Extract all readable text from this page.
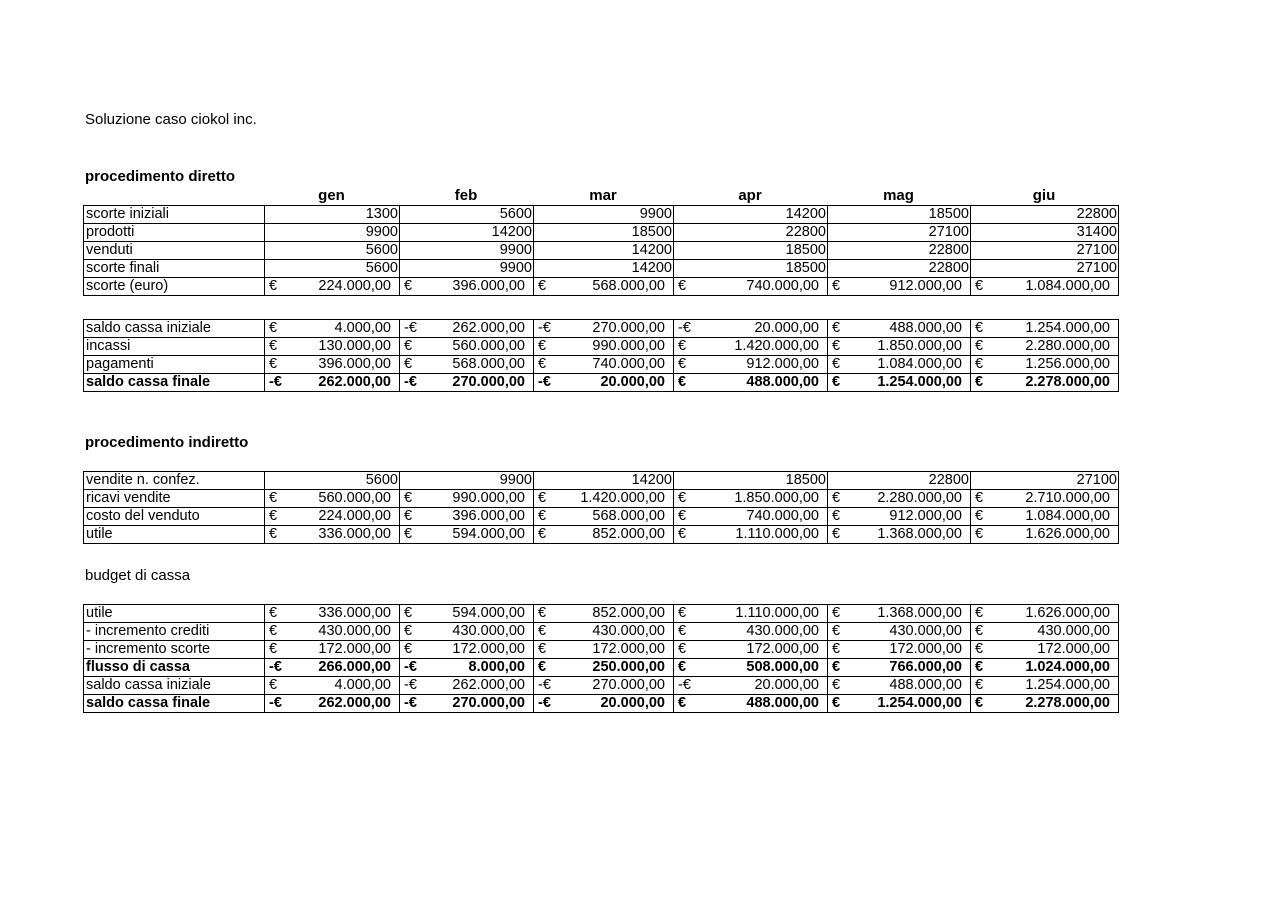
Soluzione caso ciokol inc.
procedimento diretto
gen	feb	mar	apr	mag	giu
scorte iniziali	1300	5600	9900	14200	18500	22800
prodotti	9900	14200	18500	22800	27100	31400
venduti	5600	9900	14200	18500	22800	27100
scorte finali	5600	9900	14200	18500	22800	27100
scorte (euro)	€ 224.000,00	€ 396.000,00	€ 568.000,00	€ 740.000,00	€ 912.000,00	€ 1.084.000,00
saldo cassa iniziale	€ 4.000,00	-€ 262.000,00	-€ 270.000,00	-€ 20.000,00	€ 488.000,00	€ 1.254.000,00

incassi	€ 130.000,00	€ 560.000,00	€ 990.000,00	€ 1.420.000,00	€ 1.850.000,00	€ 2.280.000,00

pagamenti	€ 396.000,00	€ 568.000,00	€ 740.000,00	€ 912.000,00	€ 1.084.000,00	€ 1.256.000,00

saldo cassa finale	-€ 262.000,00	-€ 270.000,00	-€ 20.000,00	€ 488.000,00	€ 1.254.000,00	€ 2.278.000,00
procedimento indiretto
vendite n. confez.	5600	9900	14200	18500	22800	27100
ricavi vendite	€ 560.000,00	€ 990.000,00	€ 1.420.000,00	€ 1.850.000,00	€ 2.280.000,00	€ 2.710.000,00

costo del venduto	€ 224.000,00	€ 396.000,00	€ 568.000,00	€ 740.000,00	€ 912.000,00	€ 1.084.000,00

utile	€ 336.000,00	€ 594.000,00	€ 852.000,00	€ 1.110.000,00	€ 1.368.000,00	€ 1.626.000,00
budget di cassa
utile	€ 336.000,00	€ 594.000,00	€ 852.000,00	€ 1.110.000,00	€ 1.368.000,00	€ 1.626.000,00

- incremento crediti	€ 430.000,00	€ 430.000,00	€ 430.000,00	€ 430.000,00	€ 430.000,00	€ 430.000,00

- incremento scorte	€ 172.000,00	€ 172.000,00	€ 172.000,00	€ 172.000,00	€ 172.000,00	€ 172.000,00

flusso di cassa	-€ 266.000,00	-€ 8.000,00	€ 250.000,00	€ 508.000,00	€ 766.000,00	€ 1.024.000,00

saldo cassa iniziale	€ 4.000,00	-€ 262.000,00	-€ 270.000,00	-€ 20.000,00	€ 488.000,00	€ 1.254.000,00

saldo cassa finale	-€ 262.000,00	-€ 270.000,00	-€ 20.000,00	€ 488.000,00	€ 1.254.000,00	€ 2.278.000,00
